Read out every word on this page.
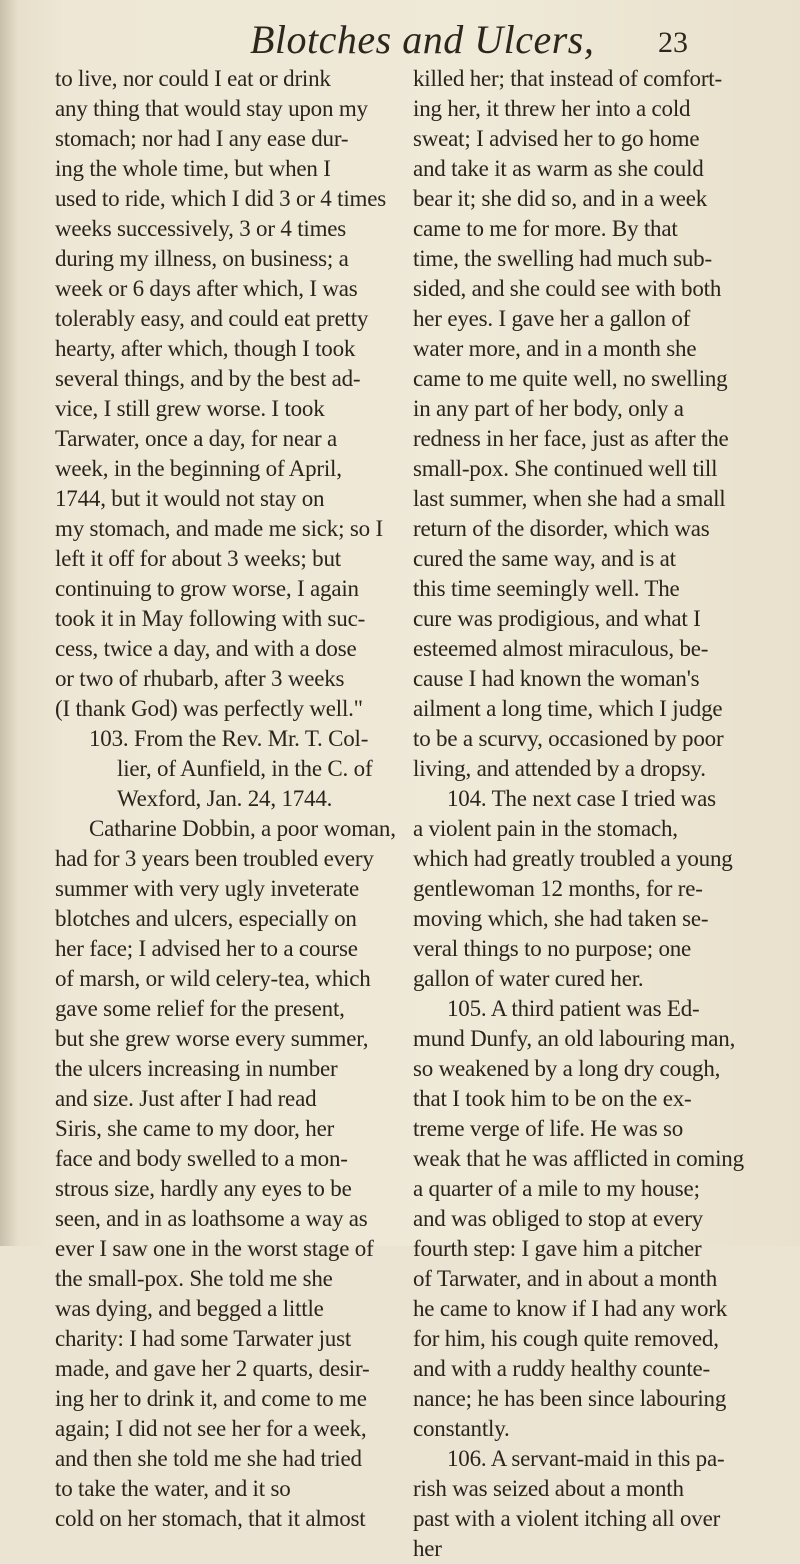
Blotches and Ulcers, 23
to live, nor could I eat or drink
any thing that would stay upon my
stomach; nor had I any ease dur-
ing the whole time, but when I
used to ride, which I did 3 or 4 times
weeks successively, 3 or 4 times
during my illness, on business; a
week or 6 days after which, I was
tolerably easy, and could eat pretty
hearty, after which, though I took
several things, and by the best ad-
vice, I still grew worse. I took
Tarwater, once a day, for near a
week, in the beginning of April,
1744, but it would not stay on
my stomach, and made me sick; so I
left it off for about 3 weeks; but
continuing to grow worse, I again
took it in May following with suc-
cess, twice a day, and with a dose
or two of rhubarb, after 3 weeks
(I thank God) was perfectly well."
103. From the Rev. Mr. T. Col-
lier, of Aunfield, in the C. of
Wexford, Jan. 24, 1744.
Catharine Dobbin, a poor woman,
had for 3 years been troubled every
summer with very ugly inveterate
blotches and ulcers, especially on
her face; I advised her to a course
of marsh, or wild celery-tea, which
gave some relief for the present,
but she grew worse every summer,
the ulcers increasing in number
and size. Just after I had read
Siris, she came to my door, her
face and body swelled to a mon-
strous size, hardly any eyes to be
seen, and in as loathsome a way as
ever I saw one in the worst stage of
the small-pox. She told me she
was dying, and begged a little
charity: I had some Tarwater just
made, and gave her 2 quarts, desir-
ing her to drink it, and come to me
again; I did not see her for a week,
and then she told me she had tried
to take the water, and it so
cold on her stomach, that it almost
killed her; that instead of comfort-
ing her, it threw her into a cold
sweat; I advised her to go home
and take it as warm as she could
bear it; she did so, and in a week
came to me for more. By that
time, the swelling had much sub-
sided, and she could see with both
her eyes. I gave her a gallon of
water more, and in a month she
came to me quite well, no swelling
in any part of her body, only a
redness in her face, just as after the
small-pox. She continued well till
last summer, when she had a small
return of the disorder, which was
cured the same way, and is at
this time seemingly well. The
cure was prodigious, and what I
esteemed almost miraculous, be-
cause I had known the woman's
ailment a long time, which I judge
to be a scurvy, occasioned by poor
living, and attended by a dropsy.
104. The next case I tried was
a violent pain in the stomach,
which had greatly troubled a young
gentlewoman 12 months, for re-
moving which, she had taken se-
veral things to no purpose; one
gallon of water cured her.
105. A third patient was Ed-
mund Dunfy, an old labouring man,
so weakened by a long dry cough,
that I took him to be on the ex-
treme verge of life. He was so
weak that he was afflicted in coming
a quarter of a mile to my house;
and was obliged to stop at every
fourth step: I gave him a pitcher
of Tarwater, and in about a month
he came to know if I had any work
for him, his cough quite removed,
and with a ruddy healthy counte-
nance; he has been since labouring
constantly.
106. A servant-maid in this pa-
rish was seized about a month
past with a violent itching all over
her
